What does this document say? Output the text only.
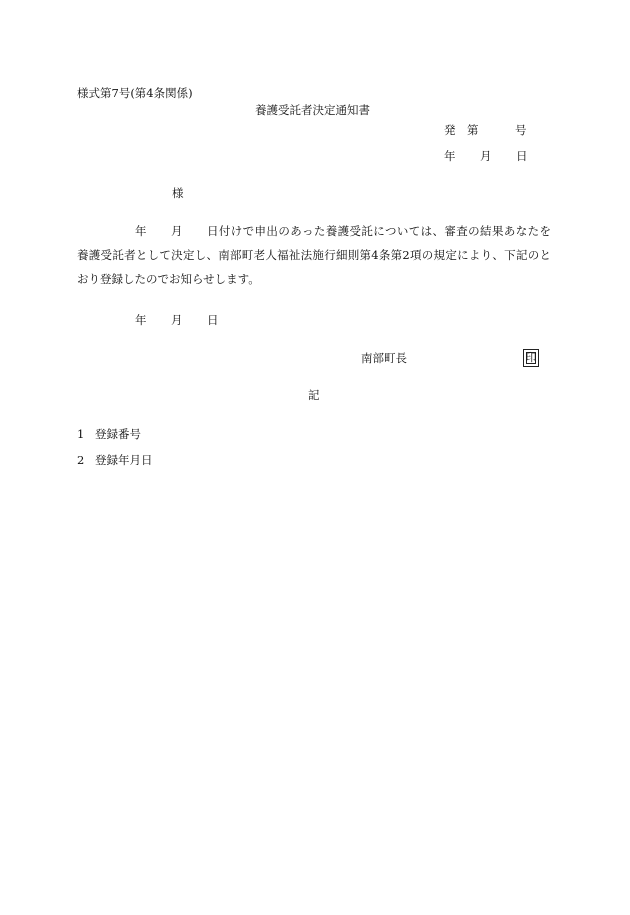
様式第7号(第4条関係)
養護受託者決定通知書
発 第	号
年 月 日
様
年 月 日付けで申出のあった養護受託については、審査の結果あなたを
養護受託者として決定し、南部町老人福祉法施行細則第4条第2項の規定により、下記のと
おり登録したのでお知らせします。
年 月 日
南部町長	印
記
1 登録番号
2 登録年月日
